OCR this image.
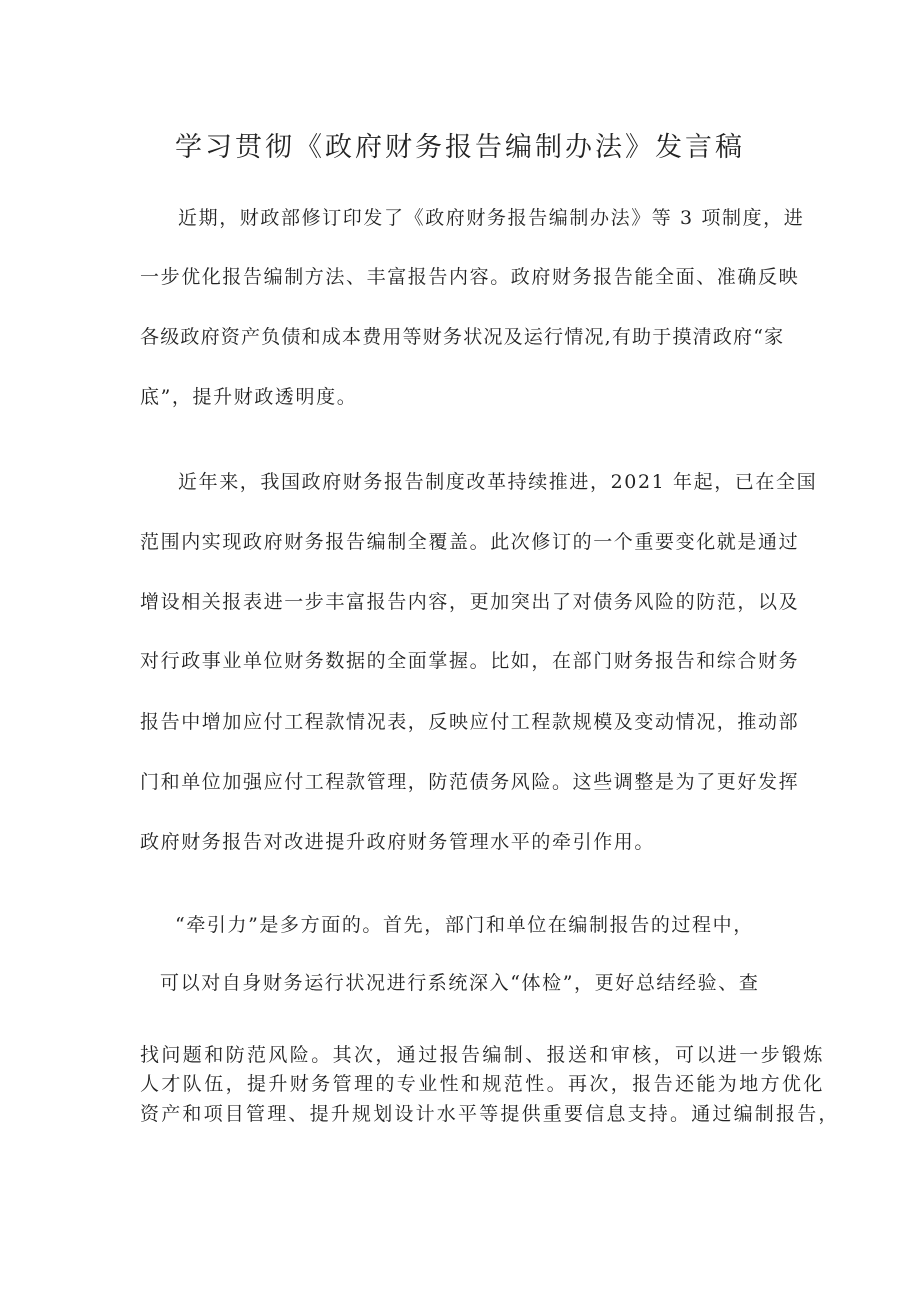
学习贯彻《政府财务报告编制办法》发言稿
近期，财政部修订印发了《政府财务报告编制办法》等 3 项制度，进
一步优化报告编制方法、丰富报告内容。政府财务报告能全面、准确反映
各级政府资产负债和成本费用等财务状况及运行情况,有助于摸清政府“家
底”，提升财政透明度。
近年来，我国政府财务报告制度改革持续推进，2021 年起，已在全国
范围内实现政府财务报告编制全覆盖。此次修订的一个重要变化就是通过
增设相关报表进一步丰富报告内容，更加突出了对债务风险的防范，以及
对行政事业单位财务数据的全面掌握。比如，在部门财务报告和综合财务
报告中增加应付工程款情况表，反映应付工程款规模及变动情况，推动部
门和单位加强应付工程款管理，防范债务风险。这些调整是为了更好发挥
政府财务报告对改进提升政府财务管理水平的牵引作用。
“牵引力”是多方面的。首先，部门和单位在编制报告的过程中，
可以对自身财务运行状况进行系统深入“体检”，更好总结经验、查
找问题和防范风险。其次，通过报告编制、报送和审核，可以进一步锻炼
人才队伍，提升财务管理的专业性和规范性。再次，报告还能为地方优化
资产和项目管理、提升规划设计水平等提供重要信息支持。通过编制报告，
